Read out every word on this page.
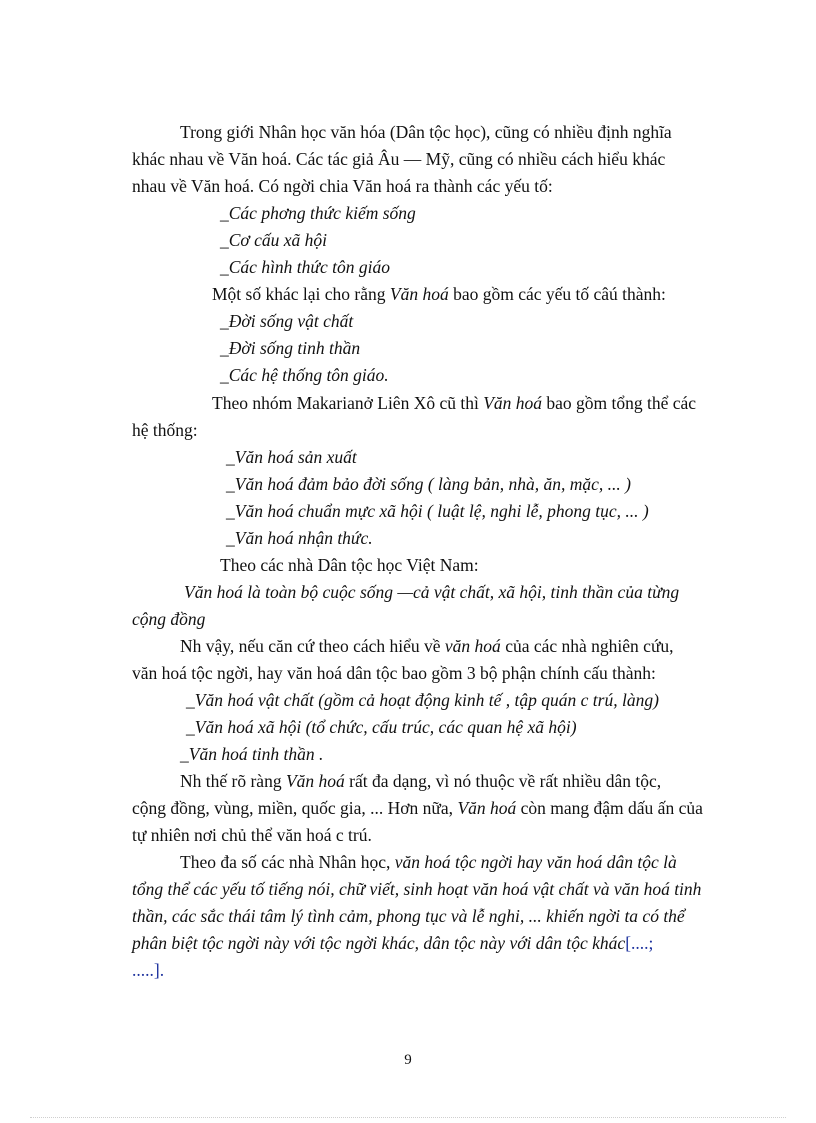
Trong giới Nhân học văn hóa (Dân tộc học), cũng có nhiều định nghĩa
khác nhau về Văn hoá. Các tác giả Âu — Mỹ, cũng có nhiều cách hiểu khác
nhau về Văn hoá. Có ngời chia Văn hoá ra thành các yếu tố:
_Các phơng thức kiếm sống
_Cơ cấu xã hội
_Các hình thức tôn giáo
Một số khác lại cho rằng Văn hoá bao gồm các yếu tố câú thành:
_Đời sống vật chất
_Đời sống tinh thần
_Các hệ thống tôn giáo.
Theo nhóm Makarianở Liên Xô cũ thì Văn hoá bao gồm tổng thể các
hệ thống:
_Văn hoá sản xuất
_Văn hoá đảm bảo đời sống ( làng bản, nhà, ăn, mặc, ... )
_Văn hoá chuẩn mực xã hội ( luật lệ, nghi lễ, phong tục, ... )
_Văn hoá nhận thức.
Theo các nhà Dân tộc học Việt Nam:
Văn hoá là toàn bộ cuộc sống —cả vật chất, xã hội, tinh thần của từng
cộng đồng
Nh vậy, nếu căn cứ theo cách hiểu về văn hoá của các nhà nghiên cứu,
văn hoá tộc ngời, hay văn hoá dân tộc bao gồm 3 bộ phận chính cấu thành:
_Văn hoá vật chất (gồm cả hoạt động kinh tế , tập quán c trú, làng)
_Văn hoá xã hội (tổ chức, cấu trúc, các quan hệ xã hội)
_Văn hoá tinh thần .
Nh thế rõ ràng Văn hoá rất đa dạng, vì nó thuộc về rất nhiều dân tộc,
cộng đồng, vùng, miền, quốc gia, ... Hơn nữa, Văn hoá còn mang đậm dấu ấn của
tự nhiên nơi chủ thể văn hoá c trú.
Theo đa số các nhà Nhân học, văn hoá tộc ngời hay văn hoá dân tộc là
tổng thể các yếu tố tiếng nói, chữ viết, sinh hoạt văn hoá vật chất và văn hoá tinh
thần, các sắc thái tâm lý tình cảm, phong tục và lễ nghi, ... khiến ngời ta có thể
phân biệt tộc ngời này với tộc ngời khác, dân tộc này với dân tộc khác[....;
.....].
9
